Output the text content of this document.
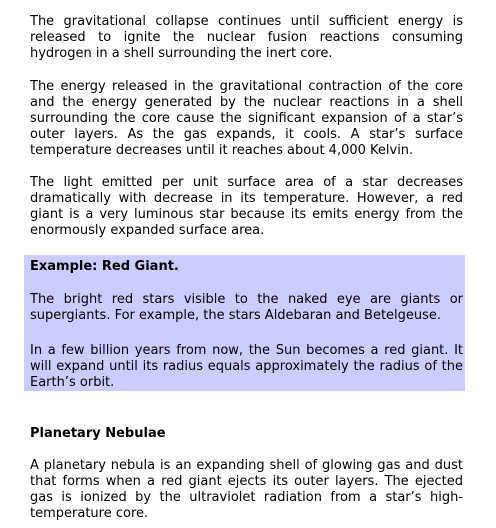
The gravitational collapse continues until sufficient energy is released to ignite the nuclear fusion reactions consuming hydrogen in a shell surrounding the inert core.

The energy released in the gravitational contraction of the core and the energy generated by the nuclear reactions in a shell surrounding the core cause the significant expansion of a star’s outer layers. As the gas expands, it cools. A star’s surface temperature decreases until it reaches about 4,000 Kelvin.

The light emitted per unit surface area of a star decreases dramatically with decrease in its temperature. However, a red giant is a very luminous star because its emits energy from the enormously expanded surface area.

Example: Red Giant.

The bright red stars visible to the naked eye are giants or supergiants. For example, the stars Aldebaran and Betelgeuse.

In a few billion years from now, the Sun becomes a red giant. It will expand until its radius equals approximately the radius of the Earth’s orbit.

Planetary Nebulae

A planetary nebula is an expanding shell of glowing gas and dust that forms when a red giant ejects its outer layers. The ejected gas is ionized by the ultraviolet radiation from a star’s high-temperature core.
